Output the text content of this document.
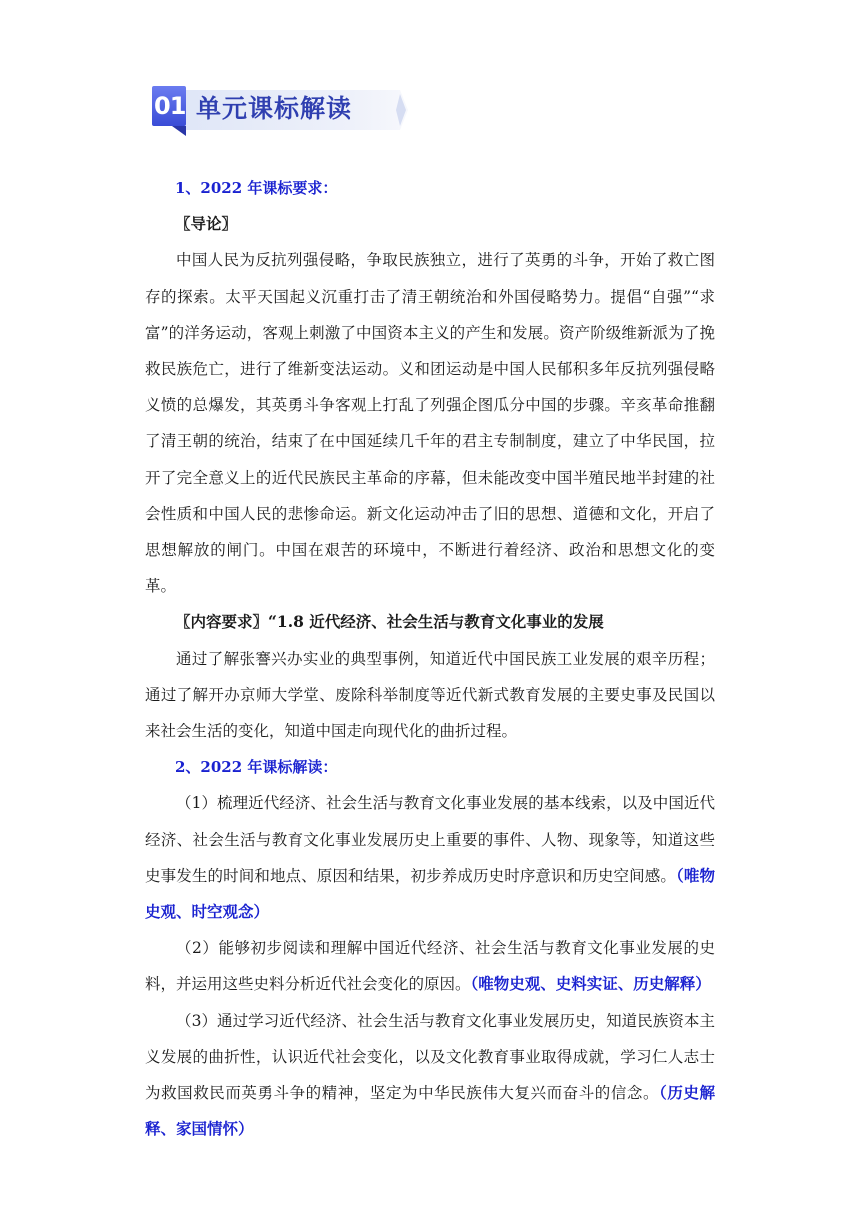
01 单元课标解读

1、2022 年课标要求：

〖导论〗

中国人民为反抗列强侵略，争取民族独立，进行了英勇的斗争，开始了救亡图存的探索。太平天国起义沉重打击了清王朝统治和外国侵略势力。提倡“自强”“求富”的洋务运动，客观上刺激了中国资本主义的产生和发展。资产阶级维新派为了挽救民族危亡，进行了维新变法运动。义和团运动是中国人民郁积多年反抗列强侵略义愤的总爆发，其英勇斗争客观上打乱了列强企图瓜分中国的步骤。辛亥革命推翻了清王朝的统治，结束了在中国延续几千年的君主专制制度，建立了中华民国，拉开了完全意义上的近代民族民主革命的序幕，但未能改变中国半殖民地半封建的社会性质和中国人民的悲惨命运。新文化运动冲击了旧的思想、道德和文化，开启了思想解放的闸门。中国在艰苦的环境中，不断进行着经济、政治和思想文化的变革。

〖内容要求〗“1.8 近代经济、社会生活与教育文化事业的发展

通过了解张謇兴办实业的典型事例，知道近代中国民族工业发展的艰辛历程；通过了解开办京师大学堂、废除科举制度等近代新式教育发展的主要史事及民国以来社会生活的变化，知道中国走向现代化的曲折过程。

2、2022 年课标解读：

（1）梳理近代经济、社会生活与教育文化事业发展的基本线索，以及中国近代经济、社会生活与教育文化事业发展历史上重要的事件、人物、现象等，知道这些史事发生的时间和地点、原因和结果，初步养成历史时序意识和历史空间感。（唯物史观、时空观念）

（2）能够初步阅读和理解中国近代经济、社会生活与教育文化事业发展的史料，并运用这些史料分析近代社会变化的原因。（唯物史观、史料实证、历史解释）

（3）通过学习近代经济、社会生活与教育文化事业发展历史，知道民族资本主义发展的曲折性，认识近代社会变化，以及文化教育事业取得成就，学习仁人志士为救国救民而英勇斗争的精神，坚定为中华民族伟大复兴而奋斗的信念。（历史解释、家国情怀）
